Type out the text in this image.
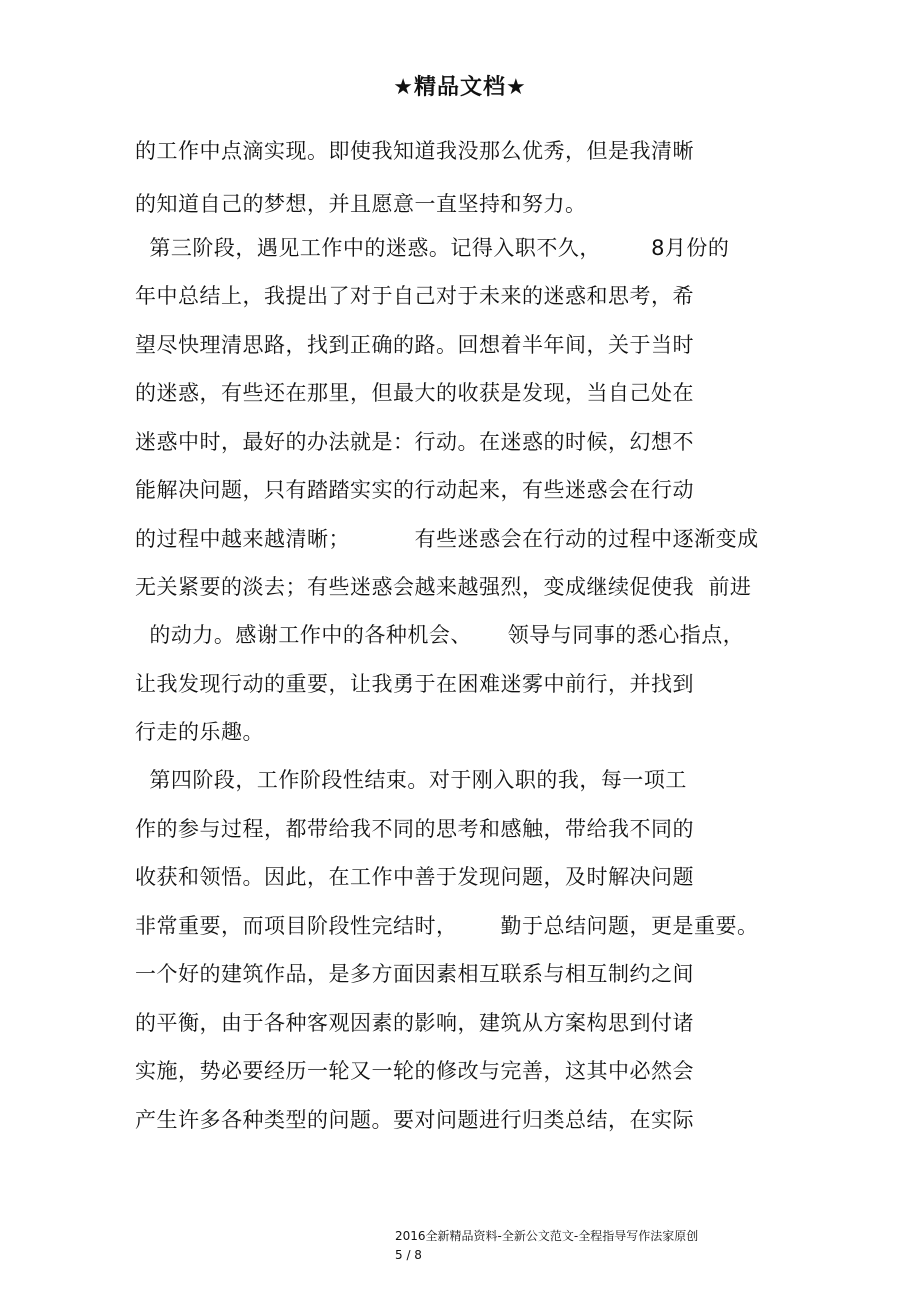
★精品文档★
的工作中点滴实现。即使我知道我没那么优秀，但是我清晰
的知道自己的梦想，并且愿意一直坚持和努力。
第三阶段，遇见工作中的迷惑。记得入职不久，       8月份的
年中总结上，我提出了对于自己对于未来的迷惑和思考，希
望尽快理清思路，找到正确的路。回想着半年间，关于当时
的迷惑，有些还在那里，但最大的收获是发现，当自己处在
迷惑中时，最好的办法就是：行动。在迷惑的时候，幻想不
能解决问题，只有踏踏实实的行动起来，有些迷惑会在行动
的过程中越来越清晰；         有些迷惑会在行动的过程中逐渐变成
无关紧要的淡去；有些迷惑会越来越强烈，变成继续促使我  前进
的动力。感谢工作中的各种机会、     领导与同事的悉心指点，
让我发现行动的重要，让我勇于在困难迷雾中前行，并找到
行走的乐趣。
第四阶段，工作阶段性结束。对于刚入职的我，每一项工
作的参与过程，都带给我不同的思考和感触，带给我不同的
收获和领悟。因此，在工作中善于发现问题，及时解决问题
非常重要，而项目阶段性完结时，      勤于总结问题，更是重要。
一个好的建筑作品，是多方面因素相互联系与相互制约之间
的平衡，由于各种客观因素的影响，建筑从方案构思到付诸
实施，势必要经历一轮又一轮的修改与完善，这其中必然会
产生许多各种类型的问题。要对问题进行归类总结，在实际
2016全新精品资料-全新公文范文-全程指导写作法家原创
5 / 8
